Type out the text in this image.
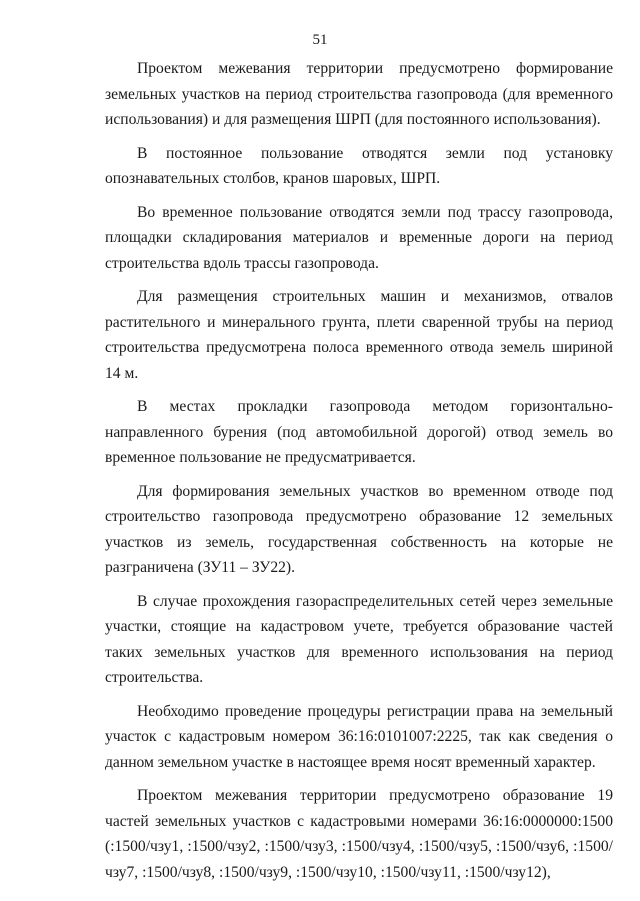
51

Проектом межевания территории предусмотрено формирование земельных участков на период строительства газопровода (для временного использования) и для размещения ШРП (для постоянного использования).

В постоянное пользование отводятся земли под установку опознавательных столбов, кранов шаровых, ШРП.

Во временное пользование отводятся земли под трассу газопровода, площадки складирования материалов и временные дороги на период строительства вдоль трассы газопровода.

Для размещения строительных машин и механизмов, отвалов растительного и минерального грунта, плети сваренной трубы на период строительства предусмотрена полоса временного отвода земель шириной 14 м.

В местах прокладки газопровода методом горизонтально-направленного бурения (под автомобильной дорогой) отвод земель во временное пользование не предусматривается.

Для формирования земельных участков во временном отводе под строительство газопровода предусмотрено образование 12 земельных участков из земель, государственная собственность на которые не разграничена (ЗУ11 – ЗУ22).

В случае прохождения газораспределительных сетей через земельные участки, стоящие на кадастровом учете, требуется образование частей таких земельных участков для временного использования на период строительства.

Необходимо проведение процедуры регистрации права на земельный участок с кадастровым номером 36:16:0101007:2225, так как сведения о данном земельном участке в настоящее время носят временный характер.

Проектом межевания территории предусмотрено образование 19 частей земельных участков с кадастровыми номерами 36:16:0000000:1500 (:1500/чзу1, :1500/чзу2, :1500/чзу3, :1500/чзу4, :1500/чзу5, :1500/чзу6, :1500/чзу7, :1500/чзу8, :1500/чзу9, :1500/чзу10, :1500/чзу11, :1500/чзу12),
